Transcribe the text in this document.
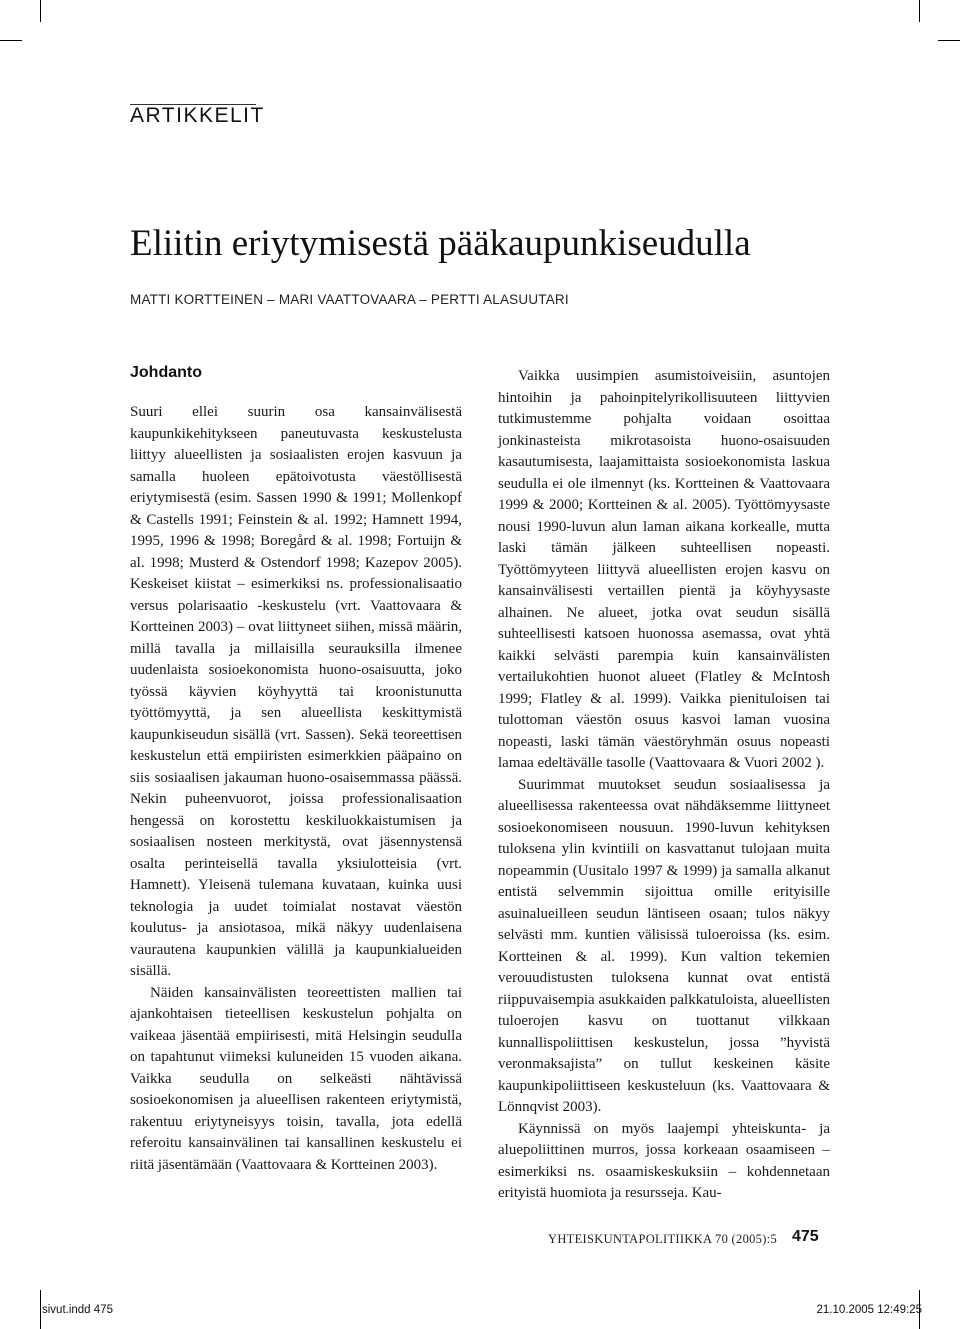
ARTIKKELIT
Eliitin eriytymisestä pääkaupunkiseudulla
MATTI KORTTEINEN – MARI VAATTOVAARA – PERTTI ALASUUTARI
Johdanto

Suuri ellei suurin osa kansainvälisestä kaupunkikehitykseen paneutuvasta keskustelusta liittyy alueellisten ja sosiaalisten erojen kasvuun ja samalla huoleen epätoivotusta väestöllisestä eriytymisestä (esim. Sassen 1990 & 1991; Mollenkopf & Castells 1991; Feinstein & al. 1992; Hamnett 1994, 1995, 1996 & 1998; Boregård & al. 1998; Fortuijn & al. 1998; Musterd & Ostendorf 1998; Kazepov 2005). Keskeiset kiistat – esimerkiksi ns. professionalisaatio versus polarisaatio -keskustelu (vrt. Vaattovaara & Kortteinen 2003) – ovat liittyneet siihen, missä määrin, millä tavalla ja millaisilla seurauksilla ilmenee uudenlaista sosioekonomista huono-osaisuutta, joko työssä käyvien köyhyyttä tai kroonistunutta työttömyyttä, ja sen alueellista keskittymistä kaupunkiseudun sisällä (vrt. Sassen). Sekä teoreettisen keskustelun että empiiristen esimerkkien pääpaino on siis sosiaalisen jakauman huono-osaisemmassa päässä. Nekin puheenvuorot, joissa professionalisaation hengessä on korostettu keskiluokkaistumisen ja sosiaalisen nosteen merkitystä, ovat jäsennystensä osalta perinteisellä tavalla yksiulotteisia (vrt. Hamnett). Yleisenä tulemana kuvataan, kuinka uusi teknologia ja uudet toimialat nostavat väestön koulutus- ja ansiotasoa, mikä näkyy uudenlaisena vaurautena kaupunkien välillä ja kaupunkialueiden sisällä.

Näiden kansainvälisten teoreettisten mallien tai ajankohtaisen tieteellisen keskustelun pohjalta on vaikeaa jäsentää empiirisesti, mitä Helsingin seudulla on tapahtunut viimeksi kuluneiden 15 vuoden aikana. Vaikka seudulla on selkeästi nähtävissä sosioekonomisen ja alueellisen rakenteen eriytymistä, rakentuu eriytyneisyys toisin, tavalla, jota edellä referoitu kansainvälinen tai kansallinen keskustelu ei riitä jäsentämään (Vaattovaara & Kortteinen 2003).

Vaikka uusimpien asumistoiveisiin, asuntojen hintoihin ja pahoinpitelyrikollisuuteen liittyvien tutkimustemme pohjalta voidaan osoittaa jonkinasteista mikrotasoista huono-osaisuuden kasautumisesta, laajamittaista sosioekonomista laskua seudulla ei ole ilmennyt (ks. Kortteinen & Vaattovaara 1999 & 2000; Kortteinen & al. 2005). Työttömyysaste nousi 1990-luvun alun laman aikana korkealle, mutta laski tämän jälkeen suhteellisen nopeasti. Työttömyyteen liittyvä alueellisten erojen kasvu on kansainvälisesti vertaillen pientä ja köyhyysaste alhainen. Ne alueet, jotka ovat seudun sisällä suhteellisesti katsoen huonossa asemassa, ovat yhtä kaikki selvästi parempia kuin kansainvälisten vertailukohtien huonot alueet (Flatley & McIntosh 1999; Flatley & al. 1999). Vaikka pienituloisen tai tulottoman väestön osuus kasvoi laman vuosina nopeasti, laski tämän väestöryhmän osuus nopeasti lamaa edeltävälle tasolle (Vaattovaara & Vuori 2002 ).

Suurimmat muutokset seudun sosiaalisessa ja alueellisessa rakenteessa ovat nähdäksemme liittyneet sosioekonomiseen nousuun. 1990-luvun kehityksen tuloksena ylin kvintiili on kasvattanut tulojaan muita nopeammin (Uusitalo 1997 & 1999) ja samalla alkanut entistä selvemmin sijoittua omille erityisille asuinalueilleen seudun läntiseen osaan; tulos näkyy selvästi mm. kuntien välisissä tuloeroissa (ks. esim. Kortteinen & al. 1999). Kun valtion tekemien verouudistusten tuloksena kunnat ovat entistä riippuvaisempia asukkaiden palkkatuloista, alueellisten tuloerojen kasvu on tuottanut vilkkaan kunnallispoliittisen keskustelun, jossa ”hyvistä veronmaksajista” on tullut keskeinen käsite kaupunkipoliittiseen keskusteluun (ks. Vaattovaara & Lönnqvist 2003).

Käynnissä on myös laajempi yhteiskunta- ja aluepoliittinen murros, jossa korkeaan osaamiseen – esimerkiksi ns. osaamiskeskuksiin – kohdennetaan erityistä huomiota ja resursseja. Kau-

YHTEISKUNTAPOLITIIKKA 70 (2005):5 475
sivut.indd 475	21.10.2005 12:49:25
